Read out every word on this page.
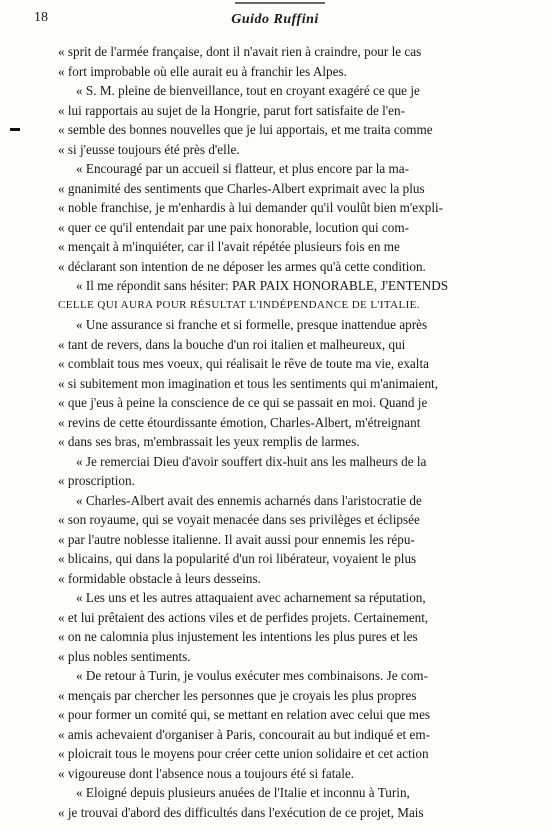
18	Guido Ruffini
« sprit de l'armée française, dont il n'avait rien à craindre, pour le cas
« fort improbable où elle aurait eu à franchir les Alpes.
« S. M. pleine de bienveillance, tout en croyant exagéré ce que je
« lui rapportais au sujet de la Hongrie, parut fort satisfaite de l'en-
« semble des bonnes nouvelles que je lui apportais, et me traita comme
« si j'eusse toujours été près d'elle.
« Encouragé par un accueil si flatteur, et plus encore par la ma-
« gnanimité des sentiments que Charles-Albert exprimait avec la plus
« noble franchise, je m'enhardis à lui demander qu'il voulût bien m'expli-
« quer ce qu'il entendait par une paix honorable, locution qui com-
« mençait à m'inquiéter, car il l'avait répétée plusieurs fois en me
« déclarant son intention de ne déposer les armes qu'à cette condition.
« Il me répondit sans hésiter: PAR PAIX HONORABLE, J'ENTENDS
CELLE QUI AURA POUR RÉSULTAT L'INDÉPENDANCE DE L'ITALIE.
« Une assurance si franche et si formelle, presque inattendue après
« tant de revers, dans la bouche d'un roi italien et malheureux, qui
« comblait tous mes voeux, qui réalisait le rêve de toute ma vie, exalta
« si subitement mon imagination et tous les sentiments qui m'animaient,
« que j'eus à peine la conscience de ce qui se passait en moi. Quand je
« revins de cette étourdissante émotion, Charles-Albert, m'étreignant
« dans ses bras, m'embrassait les yeux remplis de larmes.
« Je remerciai Dieu d'avoir souffert dix-huit ans les malheurs de la
« proscription.
« Charles-Albert avait des ennemis acharnés dans l'aristocratie de
« son royaume, qui se voyait menacée dans ses privilèges et éclipsée
« par l'autre noblesse italienne. Il avait aussi pour ennemis les répu-
« blicains, qui dans la popularité d'un roi libérateur, voyaient le plus
« formidable obstacle à leurs desseins.
« Les uns et les autres attaquaient avec acharnement sa réputation,
« et lui prêtaient des actions viles et de perfides projets. Certainement,
« on ne calomnia plus injustement les intentions les plus pures et les
« plus nobles sentiments.
« De retour à Turin, je voulus exécuter mes combinaisons. Je com-
« mençais par chercher les personnes que je croyais les plus propres
« pour former un comité qui, se mettant en relation avec celui que mes
« amis achevaient d'organiser à Paris, concourait au but indiqué et em-
« ploicrait tous le moyens pour créer cette union solidaire et cet action
« vigoureuse dont l'absence nous a toujours été si fatale.
« Eloigné depuis plusieurs anuées de l'Italie et inconnu à Turin,
« je trouvai d'abord des difficultés dans l'exécution de ce projet, Mais
